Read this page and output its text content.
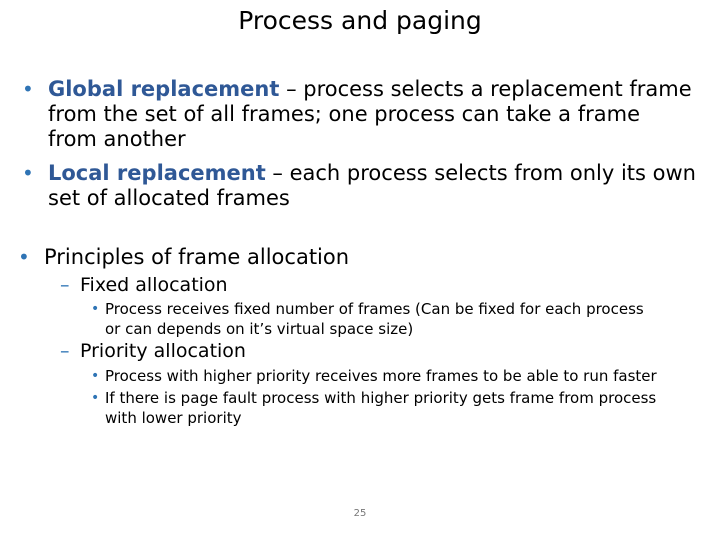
Process and paging
• Global replacement – process selects a replacement frame
from the set of all frames; one process can take a frame
from another
• Local replacement – each process selects from only its own
set of allocated frames
• Principles of frame allocation
– Fixed allocation
• Process receives fixed number of frames (Can be fixed for each process
or can depends on it’s virtual space size)
– Priority allocation
• Process with higher priority receives more frames to be able to run faster
• If there is page fault process with higher priority gets frame from process
with lower priority
25
